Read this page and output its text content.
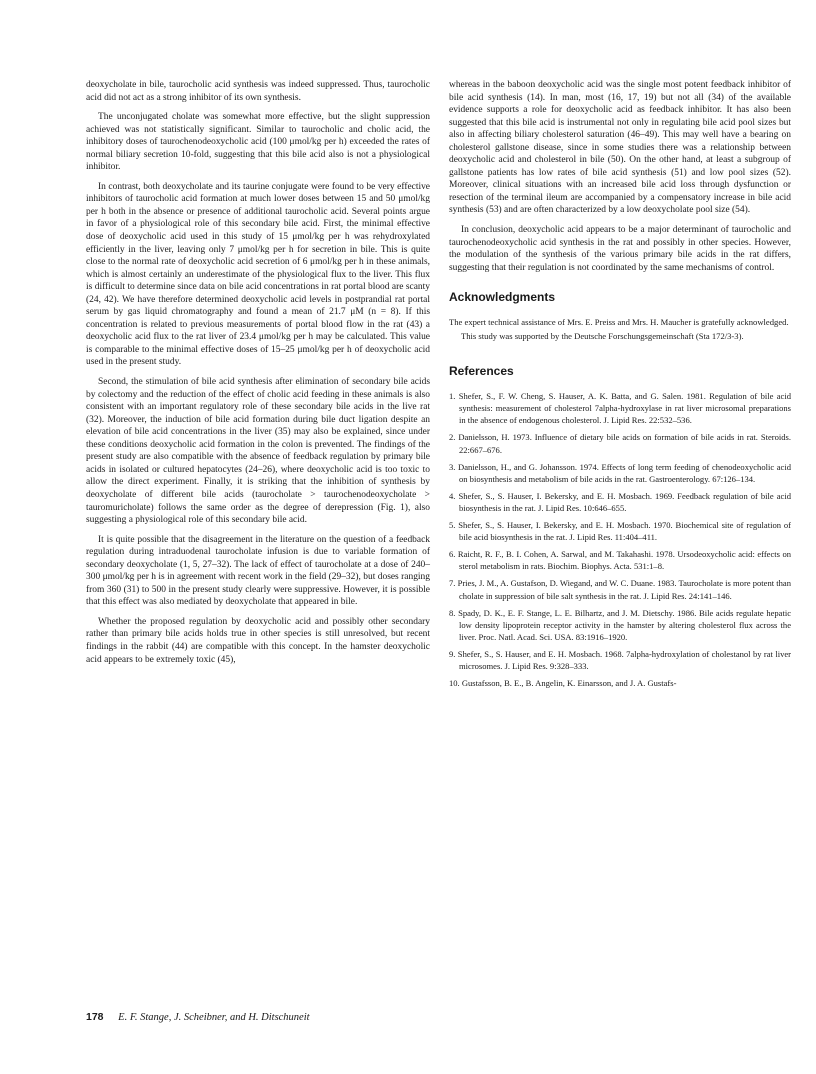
deoxycholate in bile, taurocholic acid synthesis was indeed suppressed. Thus, taurocholic acid did not act as a strong inhibitor of its own synthesis.

The unconjugated cholate was somewhat more effective, but the slight suppression achieved was not statistically significant. Similar to taurocholic and cholic acid, the inhibitory doses of taurochenodeoxycholic acid (100 μmol/kg per h) exceeded the rates of normal biliary secretion 10-fold, suggesting that this bile acid also is not a physiological inhibitor.

In contrast, both deoxycholate and its taurine conjugate were found to be very effective inhibitors of taurocholic acid formation at much lower doses between 15 and 50 μmol/kg per h both in the absence or presence of additional taurocholic acid. Several points argue in favor of a physiological role of this secondary bile acid. First, the minimal effective dose of deoxycholic acid used in this study of 15 μmol/kg per h was rehydroxylated efficiently in the liver, leaving only 7 μmol/kg per h for secretion in bile. This is quite close to the normal rate of deoxycholic acid secretion of 6 μmol/kg per h in these animals, which is almost certainly an underestimate of the physiological flux to the liver. This flux is difficult to determine since data on bile acid concentrations in rat portal blood are scanty (24, 42). We have therefore determined deoxycholic acid levels in postprandial rat portal serum by gas liquid chromatography and found a mean of 21.7 μM (n = 8). If this concentration is related to previous measurements of portal blood flow in the rat (43) a deoxycholic acid flux to the rat liver of 23.4 μmol/kg per h may be calculated. This value is comparable to the minimal effective doses of 15–25 μmol/kg per h of deoxycholic acid used in the present study.

Second, the stimulation of bile acid synthesis after elimination of secondary bile acids by colectomy and the reduction of the effect of cholic acid feeding in these animals is also consistent with an important regulatory role of these secondary bile acids in the live rat (32). Moreover, the induction of bile acid formation during bile duct ligation despite an elevation of bile acid concentrations in the liver (35) may also be explained, since under these conditions deoxycholic acid formation in the colon is prevented. The findings of the present study are also compatible with the absence of feedback regulation by primary bile acids in isolated or cultured hepatocytes (24–26), where deoxycholic acid is too toxic to allow the direct experiment. Finally, it is striking that the inhibition of synthesis by deoxycholate of different bile acids (taurocholate > taurochenodeoxycholate > tauromuricholate) follows the same order as the degree of derepression (Fig. 1), also suggesting a physiological role of this secondary bile acid.

It is quite possible that the disagreement in the literature on the question of a feedback regulation during intraduodenal taurocholate infusion is due to variable formation of secondary deoxycholate (1, 5, 27–32). The lack of effect of taurocholate at a dose of 240–300 μmol/kg per h is in agreement with recent work in the field (29–32), but doses ranging from 360 (31) to 500 in the present study clearly were suppressive. However, it is possible that this effect was also mediated by deoxycholate that appeared in bile.

Whether the proposed regulation by deoxycholic acid and possibly other secondary rather than primary bile acids holds true in other species is still unresolved, but recent findings in the rabbit (44) are compatible with this concept. In the hamster deoxycholic acid appears to be extremely toxic (45),

whereas in the baboon deoxycholic acid was the single most potent feedback inhibitor of bile acid synthesis (14). In man, most (16, 17, 19) but not all (34) of the available evidence supports a role for deoxycholic acid as feedback inhibitor. It has also been suggested that this bile acid is instrumental not only in regulating bile acid pool sizes but also in affecting biliary cholesterol saturation (46–49). This may well have a bearing on cholesterol gallstone disease, since in some studies there was a relationship between deoxycholic acid and cholesterol in bile (50). On the other hand, at least a subgroup of gallstone patients has low rates of bile acid synthesis (51) and low pool sizes (52). Moreover, clinical situations with an increased bile acid loss through dysfunction or resection of the terminal ileum are accompanied by a compensatory increase in bile acid synthesis (53) and are often characterized by a low deoxycholate pool size (54).

In conclusion, deoxycholic acid appears to be a major determinant of taurocholic and taurochenodeoxycholic acid synthesis in the rat and possibly in other species. However, the modulation of the synthesis of the various primary bile acids in the rat differs, suggesting that their regulation is not coordinated by the same mechanisms of control.

Acknowledgments

The expert technical assistance of Mrs. E. Preiss and Mrs. H. Maucher is gratefully acknowledged.

This study was supported by the Deutsche Forschungsgemeinschaft (Sta 172/3-3).

References
1. Shefer, S., F. W. Cheng, S. Hauser, A. K. Batta, and G. Salen. 1981. Regulation of bile acid synthesis: measurement of cholesterol 7alpha-hydroxylase in rat liver microsomal preparations in the absence of endogenous cholesterol. J. Lipid Res. 22:532–536.
2. Danielsson, H. 1973. Influence of dietary bile acids on formation of bile acids in rat. Steroids. 22:667–676.
3. Danielsson, H., and G. Johansson. 1974. Effects of long term feeding of chenodeoxycholic acid on biosynthesis and metabolism of bile acids in the rat. Gastroenterology. 67:126–134.
4. Shefer, S., S. Hauser, I. Bekersky, and E. H. Mosbach. 1969. Feedback regulation of bile acid biosynthesis in the rat. J. Lipid Res. 10:646–655.
5. Shefer, S., S. Hauser, I. Bekersky, and E. H. Mosbach. 1970. Biochemical site of regulation of bile acid biosynthesis in the rat. J. Lipid Res. 11:404–411.
6. Raicht, R. F., B. I. Cohen, A. Sarwal, and M. Takahashi. 1978. Ursodeoxycholic acid: effects on sterol metabolism in rats. Biochim. Biophys. Acta. 531:1–8.
7. Pries, J. M., A. Gustafson, D. Wiegand, and W. C. Duane. 1983. Taurocholate is more potent than cholate in suppression of bile salt synthesis in the rat. J. Lipid Res. 24:141–146.
8. Spady, D. K., E. F. Stange, L. E. Bilhartz, and J. M. Dietschy. 1986. Bile acids regulate hepatic low density lipoprotein receptor activity in the hamster by altering cholesterol flux across the liver. Proc. Natl. Acad. Sci. USA. 83:1916–1920.
9. Shefer, S., S. Hauser, and E. H. Mosbach. 1968. 7alpha-hydroxylation of cholestanol by rat liver microsomes. J. Lipid Res. 9:328–333.
10. Gustafsson, B. E., B. Angelin, K. Einarsson, and J. A. Gustafs-
178 E. F. Stange, J. Scheibner, and H. Ditschuneit
